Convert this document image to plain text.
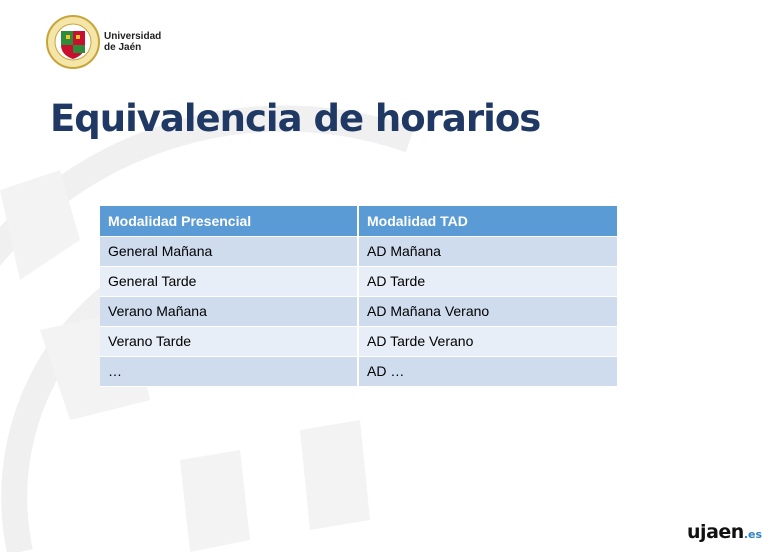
Universidad
de Jaén
Equivalencia de horarios
Modalidad Presencial	Modalidad TAD
General Mañana	AD Mañana
General Tarde	AD Tarde
Verano Mañana	AD Mañana Verano
Verano Tarde	AD Tarde Verano
…	AD …
ujaen.es
